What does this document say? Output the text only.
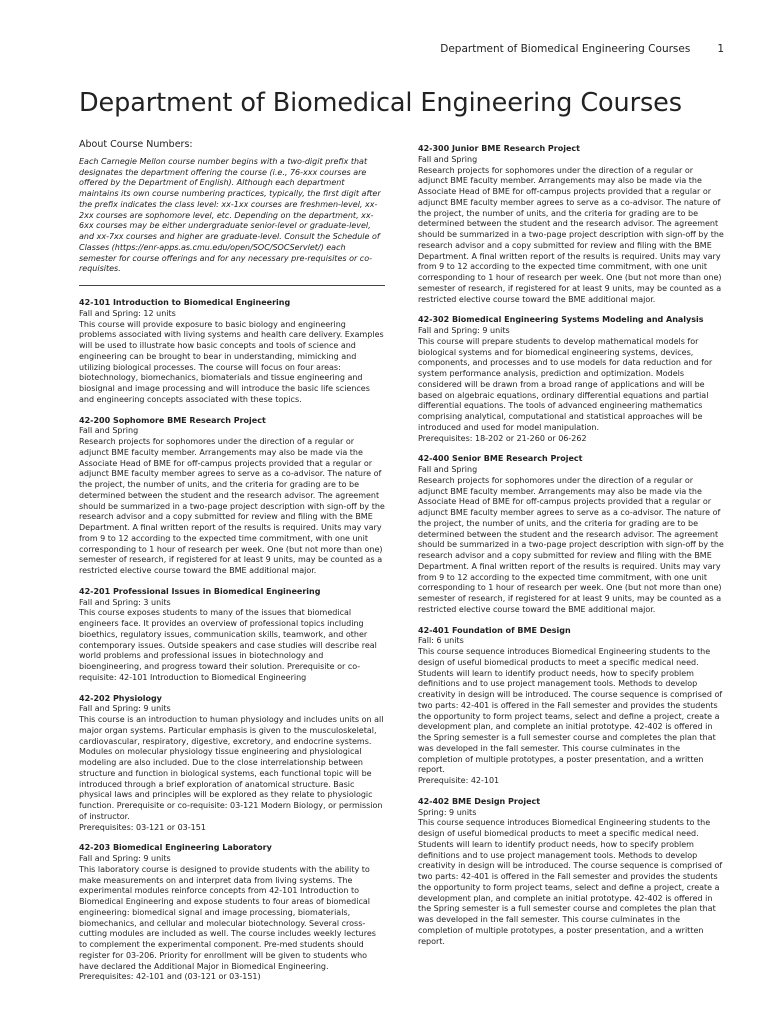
Department of Biomedical Engineering Courses	1
Department of Biomedical Engineering Courses

About Course Numbers:

Each Carnegie Mellon course number begins with a two-digit prefix that designates the department offering the course (i.e., 76-xxx courses are offered by the Department of English). Although each department maintains its own course numbering practices, typically, the first digit after the prefix indicates the class level: xx-1xx courses are freshmen-level, xx-2xx courses are sophomore level, etc. Depending on the department, xx-6xx courses may be either undergraduate senior-level or graduate-level, and xx-7xx courses and higher are graduate-level. Consult the Schedule of Classes (https://enr-apps.as.cmu.edu/open/SOC/SOCServlet/) each semester for course offerings and for any necessary pre-requisites or co-requisites.

42-101 Introduction to Biomedical Engineering

Fall and Spring: 12 units

This course will provide exposure to basic biology and engineering problems associated with living systems and health care delivery. Examples will be used to illustrate how basic concepts and tools of science and engineering can be brought to bear in understanding, mimicking and utilizing biological processes. The course will focus on four areas: biotechnology, biomechanics, biomaterials and tissue engineering and biosignal and image processing and will introduce the basic life sciences and engineering concepts associated with these topics.

42-200 Sophomore BME Research Project

Fall and Spring

Research projects for sophomores under the direction of a regular or adjunct BME faculty member. Arrangements may also be made via the Associate Head of BME for off-campus projects provided that a regular or adjunct BME faculty member agrees to serve as a co-advisor. The nature of the project, the number of units, and the criteria for grading are to be determined between the student and the research advisor. The agreement should be summarized in a two-page project description with sign-off by the research advisor and a copy submitted for review and filing with the BME Department. A final written report of the results is required. Units may vary from 9 to 12 according to the expected time commitment, with one unit corresponding to 1 hour of research per week. One (but not more than one) semester of research, if registered for at least 9 units, may be counted as a restricted elective course toward the BME additional major.

42-201 Professional Issues in Biomedical Engineering

Fall and Spring: 3 units

This course exposes students to many of the issues that biomedical engineers face. It provides an overview of professional topics including bioethics, regulatory issues, communication skills, teamwork, and other contemporary issues. Outside speakers and case studies will describe real world problems and professional issues in biotechnology and bioengineering, and progress toward their solution. Prerequisite or co-requisite: 42-101 Introduction to Biomedical Engineering

42-202 Physiology

Fall and Spring: 9 units

This course is an introduction to human physiology and includes units on all major organ systems. Particular emphasis is given to the musculoskeletal, cardiovascular, respiratory, digestive, excretory, and endocrine systems. Modules on molecular physiology tissue engineering and physiological modeling are also included. Due to the close interrelationship between structure and function in biological systems, each functional topic will be introduced through a brief exploration of anatomical structure. Basic physical laws and principles will be explored as they relate to physiologic function. Prerequisite or co-requisite: 03-121 Modern Biology, or permission of instructor.

Prerequisites: 03-121 or 03-151

42-203 Biomedical Engineering Laboratory

Fall and Spring: 9 units

This laboratory course is designed to provide students with the ability to make measurements on and interpret data from living systems. The experimental modules reinforce concepts from 42-101 Introduction to Biomedical Engineering and expose students to four areas of biomedical engineering: biomedical signal and image processing, biomaterials, biomechanics, and cellular and molecular biotechnology. Several cross-cutting modules are included as well. The course includes weekly lectures to complement the experimental component. Pre-med students should register for 03-206. Priority for enrollment will be given to students who have declared the Additional Major in Biomedical Engineering.

Prerequisites: 42-101 and (03-121 or 03-151)

42-300 Junior BME Research Project

Fall and Spring

Research projects for sophomores under the direction of a regular or adjunct BME faculty member. Arrangements may also be made via the Associate Head of BME for off-campus projects provided that a regular or adjunct BME faculty member agrees to serve as a co-advisor. The nature of the project, the number of units, and the criteria for grading are to be determined between the student and the research advisor. The agreement should be summarized in a two-page project description with sign-off by the research advisor and a copy submitted for review and filing with the BME Department. A final written report of the results is required. Units may vary from 9 to 12 according to the expected time commitment, with one unit corresponding to 1 hour of research per week. One (but not more than one) semester of research, if registered for at least 9 units, may be counted as a restricted elective course toward the BME additional major.

42-302 Biomedical Engineering Systems Modeling and Analysis

Fall and Spring: 9 units

This course will prepare students to develop mathematical models for biological systems and for biomedical engineering systems, devices, components, and processes and to use models for data reduction and for system performance analysis, prediction and optimization. Models considered will be drawn from a broad range of applications and will be based on algebraic equations, ordinary differential equations and partial differential equations. The tools of advanced engineering mathematics comprising analytical, computational and statistical approaches will be introduced and used for model manipulation.

Prerequisites: 18-202 or 21-260 or 06-262

42-400 Senior BME Research Project

Fall and Spring

Research projects for sophomores under the direction of a regular or adjunct BME faculty member. Arrangements may also be made via the Associate Head of BME for off-campus projects provided that a regular or adjunct BME faculty member agrees to serve as a co-advisor. The nature of the project, the number of units, and the criteria for grading are to be determined between the student and the research advisor. The agreement should be summarized in a two-page project description with sign-off by the research advisor and a copy submitted for review and filing with the BME Department. A final written report of the results is required. Units may vary from 9 to 12 according to the expected time commitment, with one unit corresponding to 1 hour of research per week. One (but not more than one) semester of research, if registered for at least 9 units, may be counted as a restricted elective course toward the BME additional major.

42-401 Foundation of BME Design

Fall: 6 units

This course sequence introduces Biomedical Engineering students to the design of useful biomedical products to meet a specific medical need. Students will learn to identify product needs, how to specify problem definitions and to use project management tools. Methods to develop creativity in design will be introduced. The course sequence is comprised of two parts: 42-401 is offered in the Fall semester and provides the students the opportunity to form project teams, select and define a project, create a development plan, and complete an initial prototype. 42-402 is offered in the Spring semester is a full semester course and completes the plan that was developed in the fall semester. This course culminates in the completion of multiple prototypes, a poster presentation, and a written report.

Prerequisite: 42-101

42-402 BME Design Project

Spring: 9 units

This course sequence introduces Biomedical Engineering students to the design of useful biomedical products to meet a specific medical need. Students will learn to identify product needs, how to specify problem definitions and to use project management tools. Methods to develop creativity in design will be introduced. The course sequence is comprised of two parts: 42-401 is offered in the Fall semester and provides the students the opportunity to form project teams, select and define a project, create a development plan, and complete an initial prototype. 42-402 is offered in the Spring semester is a full semester course and completes the plan that was developed in the fall semester. This course culminates in the completion of multiple prototypes, a poster presentation, and a written report.
